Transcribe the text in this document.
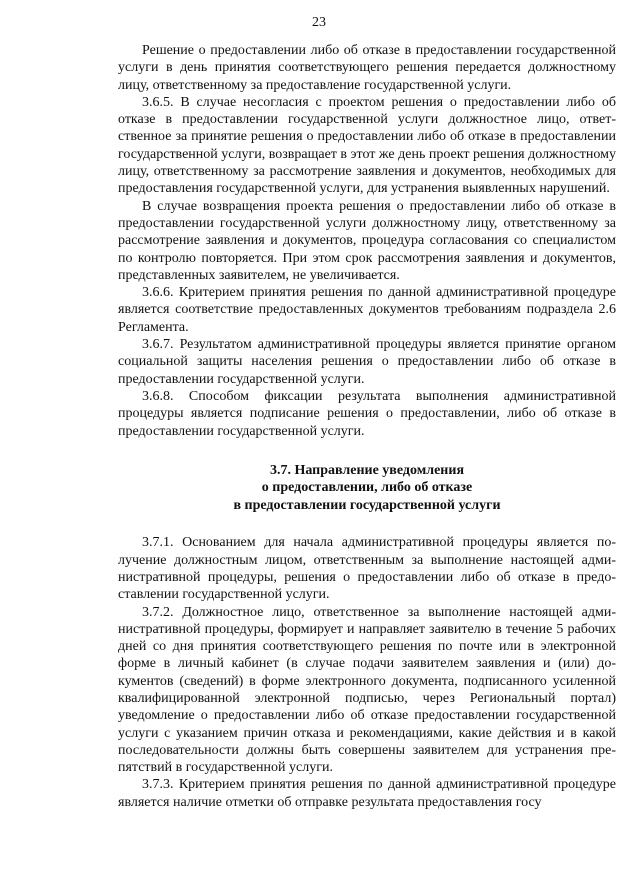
23

Решение о предоставлении либо об отказе в предоставлении государственной услуги в день принятия соответствующего решения передается должностному лицу, ответственному за предоставление государственной услуги.

3.6.5. В случае несогласия с проектом решения о предоставлении либо об отказе в предоставлении государственной услуги должностное лицо, ответственное за принятие решения о предоставлении либо об отказе в предоставлении государственной услуги, возвращает в этот же день проект решения должностному лицу, ответственному за рассмотрение заявления и документов, необходимых для предоставления государственной услуги, для устранения выявленных нарушений.

В случае возвращения проекта решения о предоставлении либо об отказе в предоставлении государственной услуги должностному лицу, ответственному за рассмотрение заявления и документов, процедура согласования со специалистом по контролю повторяется. При этом срок рассмотрения заявления и документов, представленных заявителем, не увеличивается.

3.6.6. Критерием принятия решения по данной административной процедуре является соответствие предоставленных документов требованиям подраздела 2.6 Регламента.

3.6.7. Результатом административной процедуры является принятие органом социальной защиты населения решения о предоставлении либо об отказе в предоставлении государственной услуги.

3.6.8. Способом фиксации результата выполнения административной процедуры является подписание решения о предоставлении, либо об отказе в предоставлении государственной услуги.

3.7. Направление уведомления
о предоставлении, либо об отказе
в предоставлении государственной услуги

3.7.1. Основанием для начала административной процедуры является получение должностным лицом, ответственным за выполнение настоящей административной процедуры, решения о предоставлении либо об отказе в предоставлении государственной услуги.

3.7.2. Должностное лицо, ответственное за выполнение настоящей административной процедуры, формирует и направляет заявителю в течение 5 рабочих дней со дня принятия соответствующего решения по почте или в электронной форме в личный кабинет (в случае подачи заявителем заявления и (или) документов (сведений) в форме электронного документа, подписанного усиленной квалифицированной электронной подписью, через Региональный портал) уведомление о предоставлении либо об отказе предоставлении государственной услуги с указанием причин отказа и рекомендациями, какие действия и в какой последовательности должны быть совершены заявителем для устранения препятствий в государственной услуги.

3.7.3. Критерием принятия решения по данной административной процедуре является наличие отметки об отправке результата предоставления госу
